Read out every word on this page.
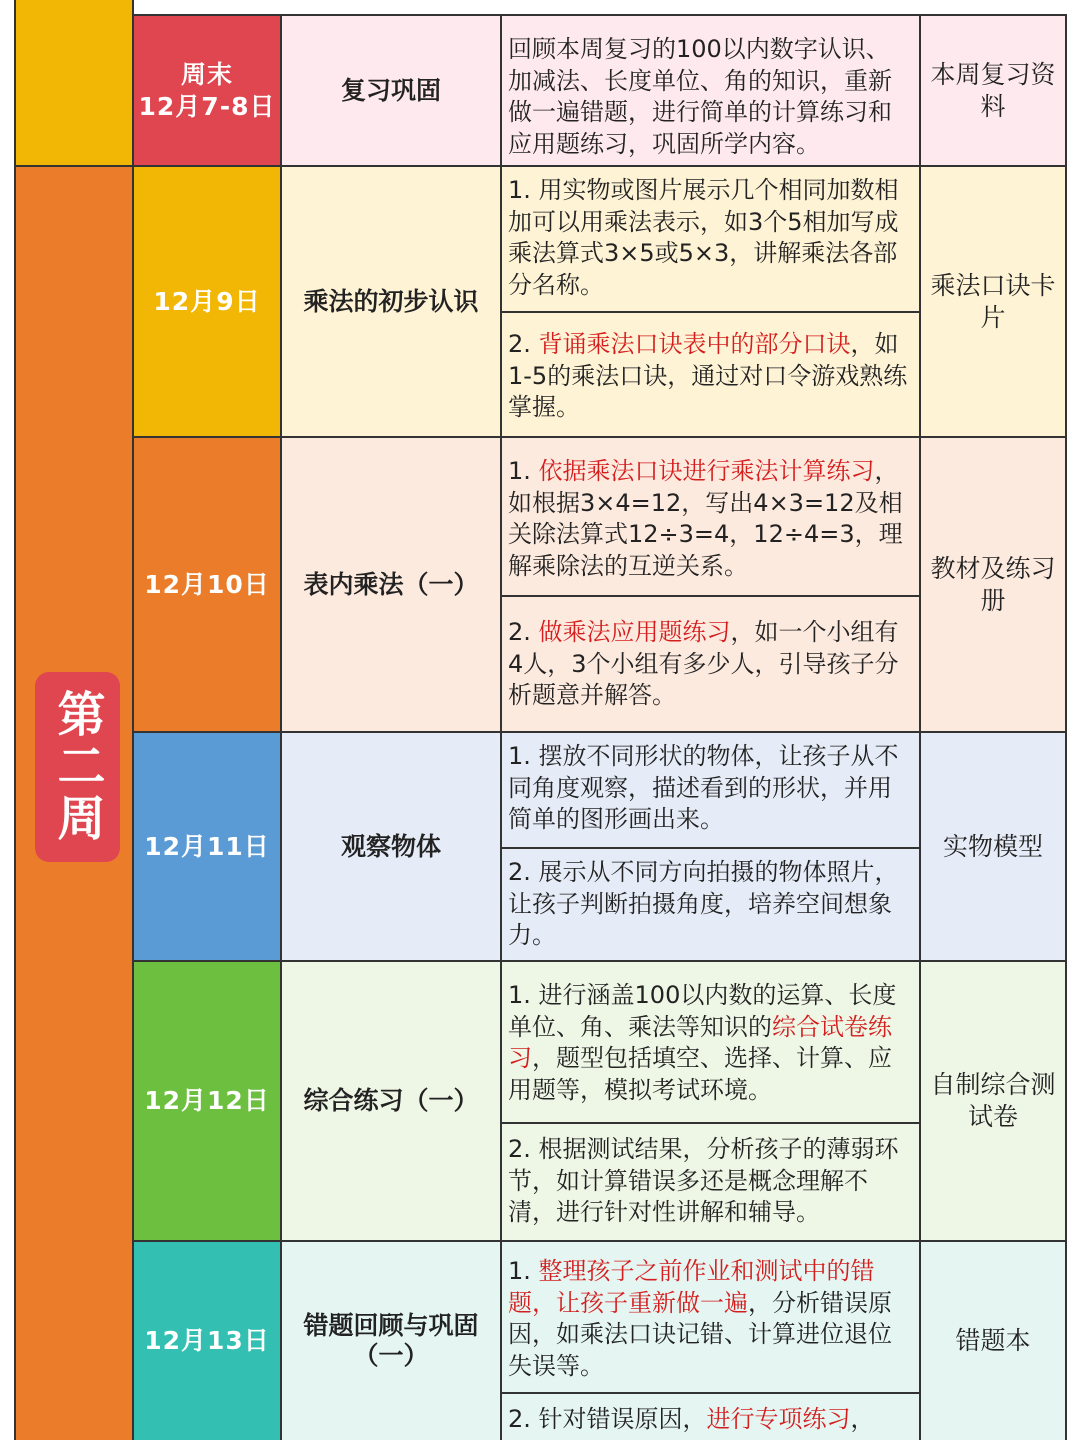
第二周
周末
12月7-8日
复习巩固
回顾本周复习的100以内数字认识、加减法、长度单位、角的知识，重新做一遍错题，进行简单的计算练习和应用题练习，巩固所学内容。
本周复习资料
12月9日 乘法的初步认识
1. 用实物或图片展示几个相同加数相加可以用乘法表示，如3个5相加写成乘法算式3×5或5×3，讲解乘法各部分名称。
2. 背诵乘法口诀表中的部分口诀，如1-5的乘法口诀，通过对口令游戏熟练掌握。
乘法口诀卡片
12月10日 表内乘法（一）
1. 依据乘法口诀进行乘法计算练习，如根据3×4=12，写出4×3=12及相关除法算式12÷3=4，12÷4=3，理解乘除法的互逆关系。
2. 做乘法应用题练习，如一个小组有4人，3个小组有多少人，引导孩子分析题意并解答。
教材及练习册
12月11日	观察物体
1. 摆放不同形状的物体，让孩子从不同角度观察，描述看到的形状，并用简单的图形画出来。
2. 展示从不同方向拍摄的物体照片，让孩子判断拍摄角度，培养空间想象力。
实物模型
12月12日 综合练习（一）
1. 进行涵盖100以内数的运算、长度单位、角、乘法等知识的综合试卷练习，题型包括填空、选择、计算、应用题等，模拟考试环境。
2. 根据测试结果，分析孩子的薄弱环节，如计算错误多还是概念理解不清，进行针对性讲解和辅导。
自制综合测试卷
12月13日
错题回顾与巩固（一）
1. 整理孩子之前作业和测试中的错题，让孩子重新做一遍，分析错误原因，如乘法口诀记错、计算进位退位失误等。
2. 针对错误原因，进行专项练习，
错题本
